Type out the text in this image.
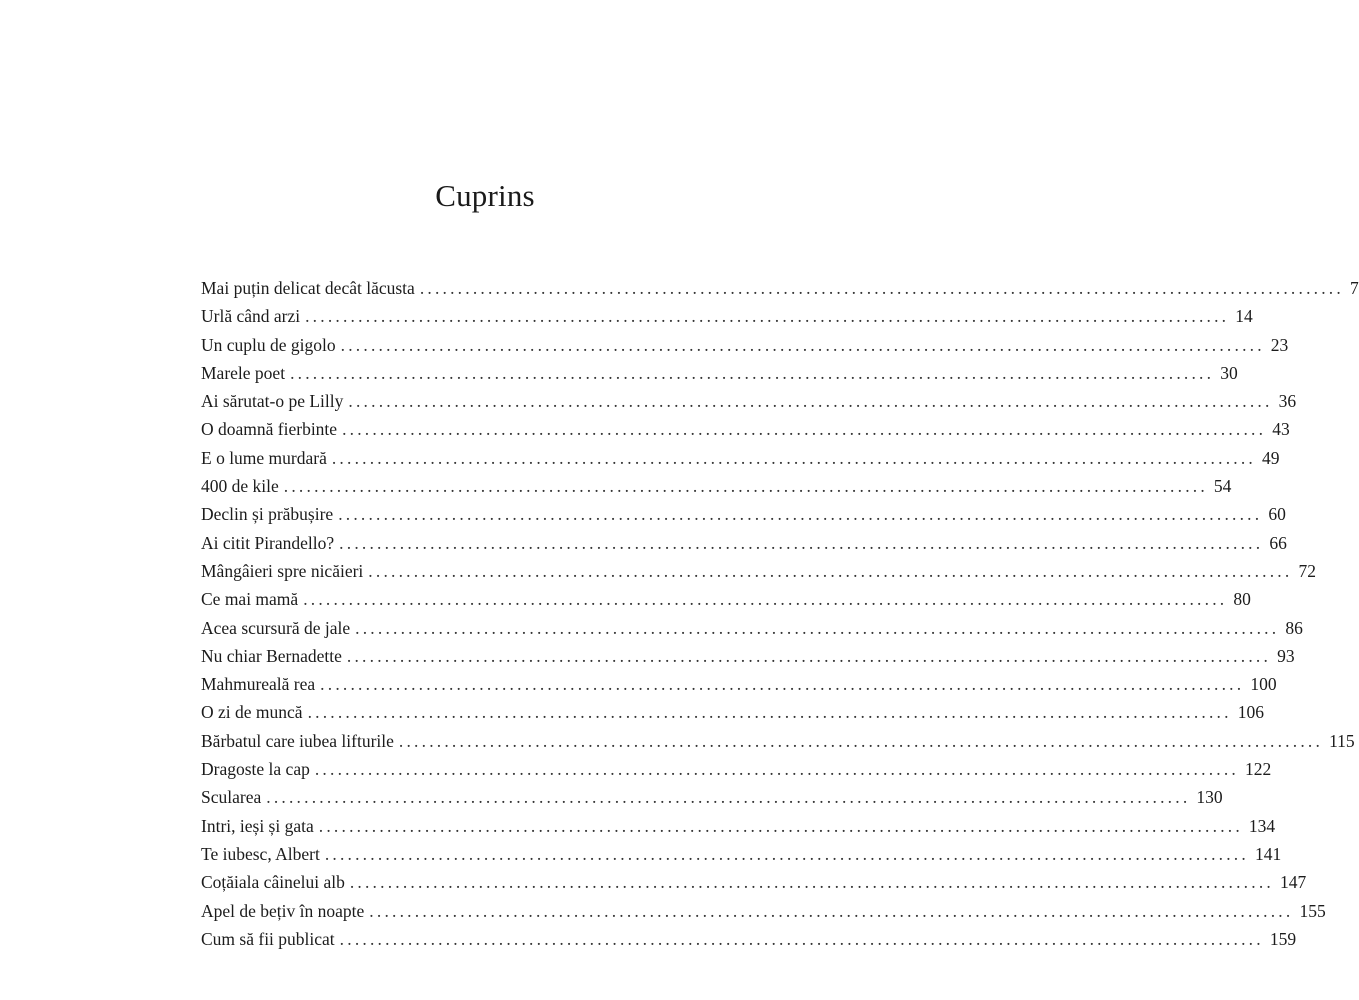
Cuprins
Mai puțin delicat decât lăcusta .......................................................................................................................... 7
Urlă când arzi .......................................................................................................................... 14
Un cuplu de gigolo .......................................................................................................................... 23
Marele poet .......................................................................................................................... 30
Ai sărutat-o pe Lilly .......................................................................................................................... 36
O doamnă fierbinte .......................................................................................................................... 43
E o lume murdară .......................................................................................................................... 49
400 de kile .......................................................................................................................... 54
Declin și prăbușire .......................................................................................................................... 60
Ai citit Pirandello? .......................................................................................................................... 66
Mângâieri spre nicăieri .......................................................................................................................... 72
Ce mai mamă .......................................................................................................................... 80
Acea scursură de jale .......................................................................................................................... 86
Nu chiar Bernadette .......................................................................................................................... 93
Mahmureală rea .......................................................................................................................... 100
O zi de muncă .......................................................................................................................... 106
Bărbatul care iubea lifturile .......................................................................................................................... 115
Dragoste la cap .......................................................................................................................... 122
Scularea .......................................................................................................................... 130
Intri, ieși și gata .......................................................................................................................... 134
Te iubesc, Albert .......................................................................................................................... 141
Coțăiala câinelui alb .......................................................................................................................... 147
Apel de bețiv în noapte .......................................................................................................................... 155
Cum să fii publicat .......................................................................................................................... 159
